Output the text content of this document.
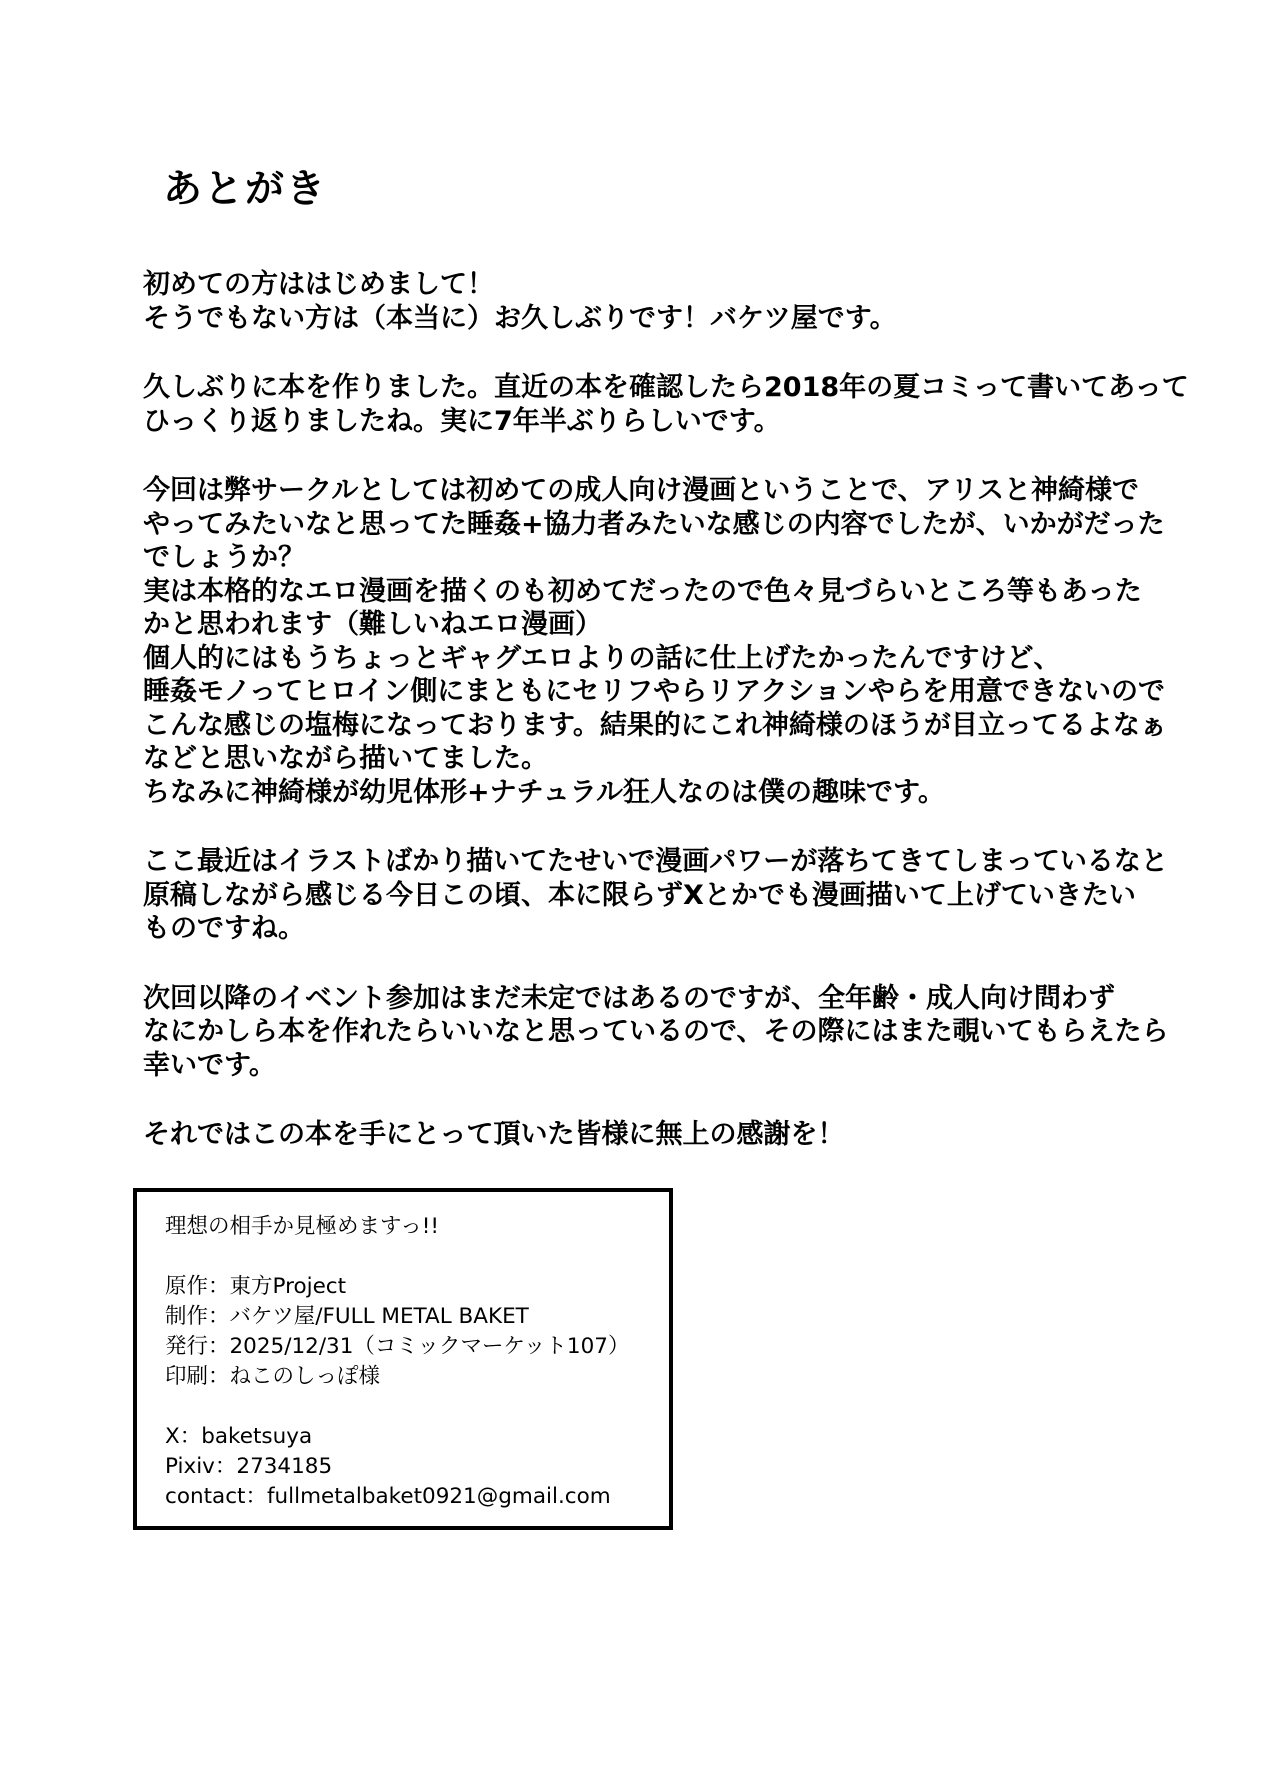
あとがき
初めての方ははじめまして！
そうでもない方は（本当に）お久しぶりです！バケツ屋です。
久しぶりに本を作りました。直近の本を確認したら2018年の夏コミって書いてあって
ひっくり返りましたね。実に7年半ぶりらしいです。
今回は弊サークルとしては初めての成人向け漫画ということで、アリスと神綺様で
やってみたいなと思ってた睡姦+協力者みたいな感じの内容でしたが、いかがだった
でしょうか？
実は本格的なエロ漫画を描くのも初めてだったので色々見づらいところ等もあった
かと思われます（難しいねエロ漫画）
個人的にはもうちょっとギャグエロよりの話に仕上げたかったんですけど、
睡姦モノってヒロイン側にまともにセリフやらリアクションやらを用意できないので
こんな感じの塩梅になっております。結果的にこれ神綺様のほうが目立ってるよなぁ
などと思いながら描いてました。
ちなみに神綺様が幼児体形+ナチュラル狂人なのは僕の趣味です。
ここ最近はイラストばかり描いてたせいで漫画パワーが落ちてきてしまっているなと
原稿しながら感じる今日この頃、本に限らずXとかでも漫画描いて上げていきたい
ものですね。
次回以降のイベント参加はまだ未定ではあるのですが、全年齢・成人向け問わず
なにかしら本を作れたらいいなと思っているので、その際にはまた覗いてもらえたら
幸いです。
それではこの本を手にとって頂いた皆様に無上の感謝を！
理想の相手か見極めますっ!!
原作：東方Project
制作：バケツ屋/FULL METAL BAKET
発行：2025/12/31（コミックマーケット107）
印刷：ねこのしっぽ様
X：baketsuya
Pixiv：2734185
contact：fullmetalbaket0921@gmail.com
